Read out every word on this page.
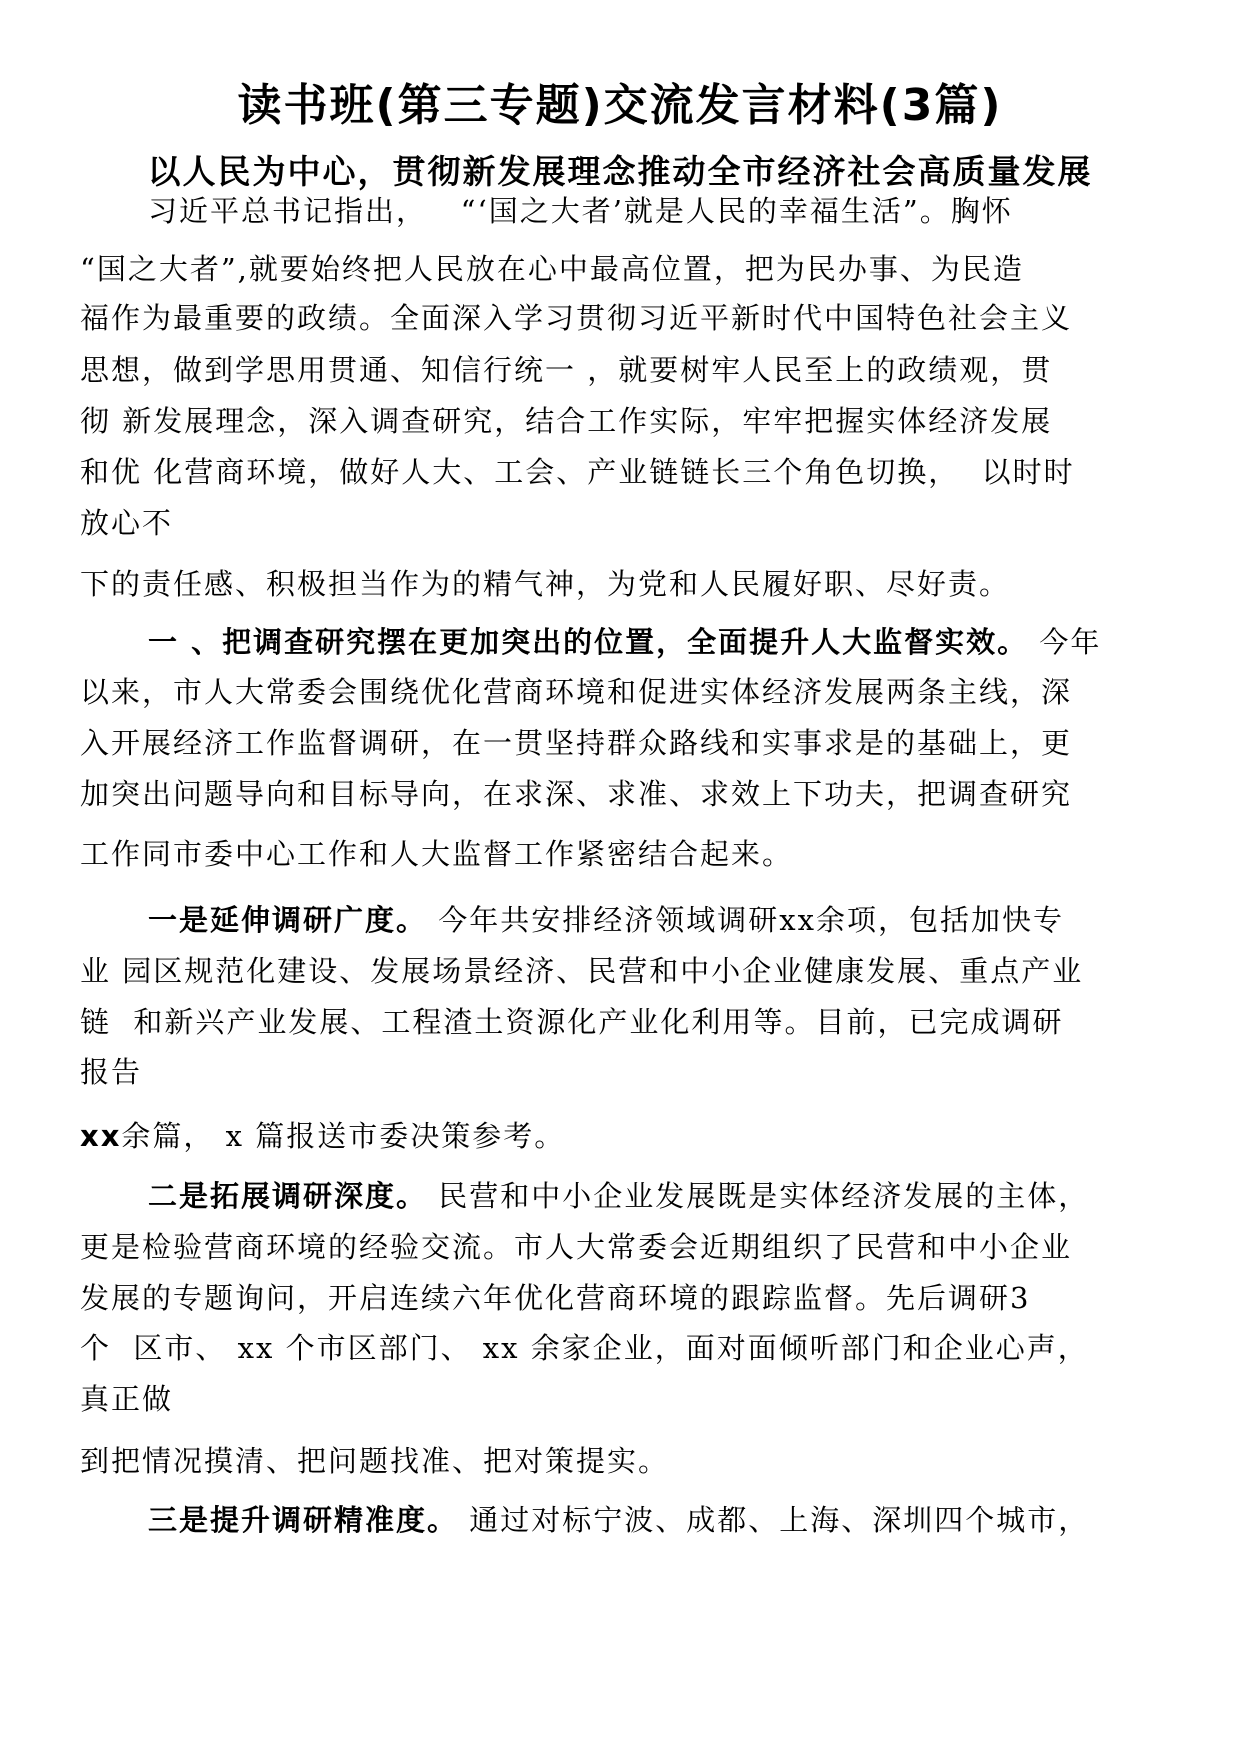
读书班(第三专题)交流发言材料(3篇)
以人民为中心，贯彻新发展理念推动全市经济社会高质量发展
习近平总书记指出，   “‘国之大者’就是人民的幸福生活”。胸怀
“国之大者”,就要始终把人民放在心中最高位置，把为民办事、为民造
福作为最重要的政绩。全面深入学习贯彻习近平新时代中国特色社会主义
思想，做到学思用贯通、知信行统一 ，就要树牢人民至上的政绩观，贯
彻 新发展理念，深入调查研究，结合工作实际，牢牢把握实体经济发展
和优 化营商环境，做好人大、工会、产业链链长三个角色切换，  以时时
放心不
下的责任感、积极担当作为的精气神，为党和人民履好职、尽好责。
一 、把调查研究摆在更加突出的位置，全面提升人大监督实效。 今年
以来，市人大常委会围绕优化营商环境和促进实体经济发展两条主线，深
入开展经济工作监督调研，在一贯坚持群众路线和实事求是的基础上，更
加突出问题导向和目标导向，在求深、求准、求效上下功夫，把调查研究
工作同市委中心工作和人大监督工作紧密结合起来。
一是延伸调研广度。 今年共安排经济领域调研xx余项，包括加快专
业 园区规范化建设、发展场景经济、民营和中小企业健康发展、重点产业
链  和新兴产业发展、工程渣土资源化产业化利用等。目前，已完成调研
报告
xx余篇， x 篇报送市委决策参考。
二是拓展调研深度。 民营和中小企业发展既是实体经济发展的主体，
更是检验营商环境的经验交流。市人大常委会近期组织了民营和中小企业
发展的专题询问，开启连续六年优化营商环境的跟踪监督。先后调研3
个  区市、 xx 个市区部门、 xx 余家企业，面对面倾听部门和企业心声，
真正做
到把情况摸清、把问题找准、把对策提实。
三是提升调研精准度。 通过对标宁波、成都、上海、深圳四个城市，
